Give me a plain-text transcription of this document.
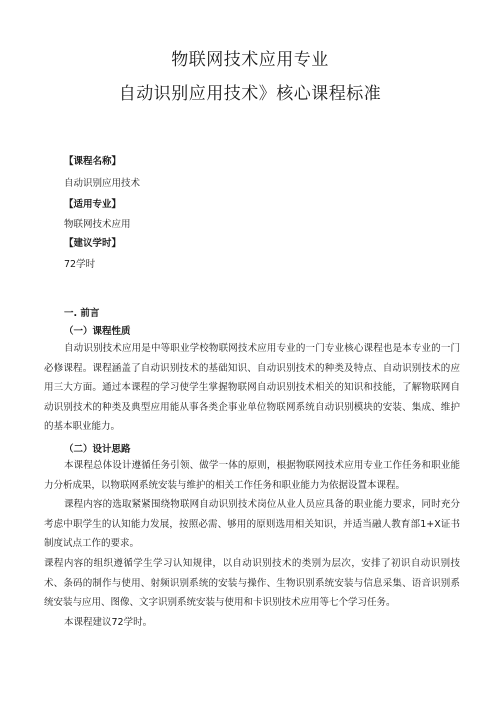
物联网技术应用专业
自动识别应用技术》核心课程标准
【课程名称】
自动识别应用技术
【适用专业】
物联网技术应用
【建议学时】
72学时
一. 前言
（一）课程性质

自动识别技术应用是中等职业学校物联网技术应用专业的一门专业核心课程也是本专业的一门必修课程。课程涵盖了自动识别技术的基础知识、自动识别技术的种类及特点、自动识别技术的应用三大方面。通过本课程的学习使学生掌握物联网自动识别技术相关的知识和技能，了解物联网自动识别技术的种类及典型应用能从事各类企事业单位物联网系统自动识别模块的安装、集成、维护的基本职业能力。

（二）设计思路

本课程总体设计遵循任务引领、做学一体的原则，根据物联网技术应用专业工作任务和职业能力分析成果，以物联网系统安装与维护的相关工作任务和职业能力为依据设置本课程。

课程内容的选取紧紧围绕物联网自动识别技术岗位从业人员应具备的职业能力要求，同时充分考虑中职学生的认知能力发展，按照必需、够用的原则选用相关知识，并适当融人教育部1+X证书制度试点工作的要求。

课程内容的组织遵循学生学习认知规律，以自动识别技术的类别为层次，安排了初识自动识别技术、条码的制作与使用、射频识别系统的安装与操作、生物识别系统安装与信息采集、语音识别系统安装与应用、图像、文字识别系统安装与使用和卡识别技术应用等七个学习任务。

本课程建议72学时。
